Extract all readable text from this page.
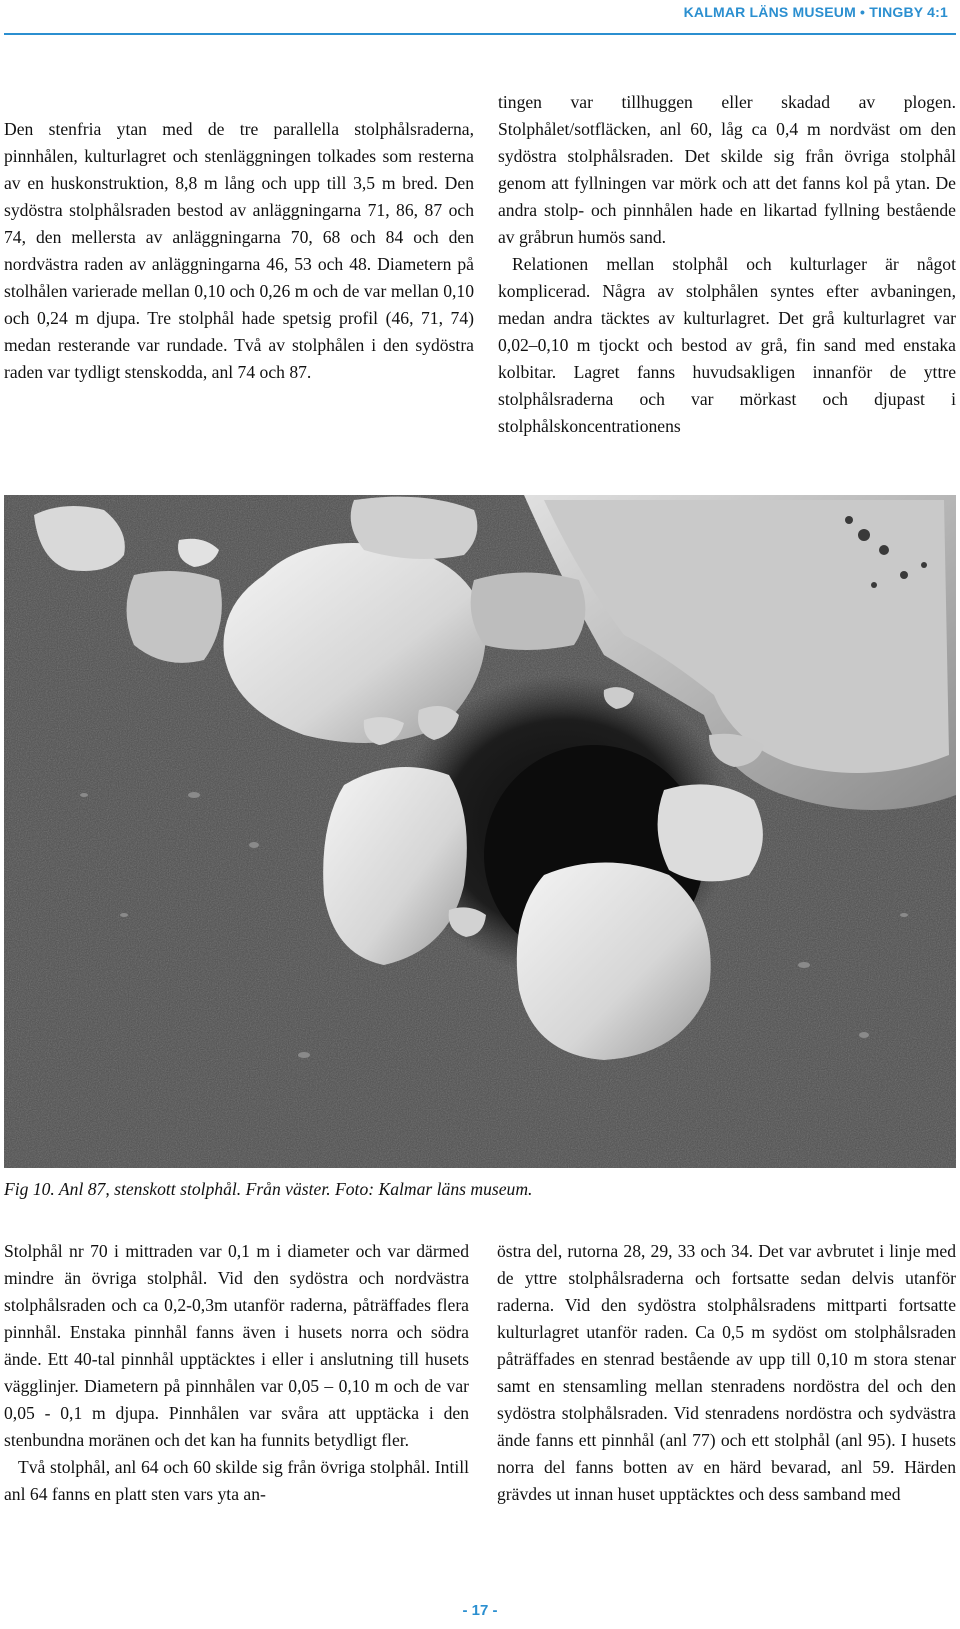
KALMAR LÄNS MUSEUM • TINGBY 4:1

Den stenfria ytan med de tre parallella stolphålsraderna, pinnhålen, kulturlagret och stenläggningen tolkades som resterna av en huskonstruktion, 8,8 m lång och upp till 3,5 m bred. Den sydöstra stolphålsraden bestod av anläggningarna 71, 86, 87 och 74, den mellersta av anläggningarna 70, 68 och 84 och den nordvästra raden av anläggningarna 46, 53 och 48. Diametern på stolhålen varierade mellan 0,10 och 0,26 m och de var mellan 0,10 och 0,24 m djupa. Tre stolphål hade spetsig profil (46, 71, 74) medan resterande var rundade. Två av stolphålen i den sydöstra raden var tydligt stenskodda, anl 74 och 87.

tingen var tillhuggen eller skadad av plogen. Stolphålet/sotfläcken, anl 60, låg ca 0,4 m nordväst om den sydöstra stolphålsraden. Det skilde sig från övriga stolphål genom att fyllningen var mörk och att det fanns kol på ytan. De andra stolp- och pinnhålen hade en likartad fyllning bestående av gråbrun humös sand.

Relationen mellan stolphål och kulturlager är något komplicerad. Några av stolphålen syntes efter avbaningen, medan andra täcktes av kulturlagret. Det grå kulturlagret var 0,02–0,10 m tjockt och bestod av grå, fin sand med enstaka kolbitar. Lagret fanns huvudsakligen innanför de yttre stolphålsraderna och var mörkast och djupast i stolphålskoncentrationens

Fig 10. Anl 87, stenskott stolphål. Från väster. Foto: Kalmar läns museum.

Stolphål nr 70 i mittraden var 0,1 m i diameter och var därmed mindre än övriga stolphål. Vid den sydöstra och nordvästra stolphålsraden och ca 0,2-0,3m utanför raderna, påträffades flera pinnhål. Enstaka pinnhål fanns även i husets norra och södra ände. Ett 40-tal pinnhål upptäcktes i eller i anslutning till husets vägglinjer. Diametern på pinnhålen var 0,05 – 0,10 m och de var 0,05 - 0,1 m djupa. Pinnhålen var svåra att upptäcka i den stenbundna moränen och det kan ha funnits betydligt fler.

Två stolphål, anl 64 och 60 skilde sig från övriga stolphål. Intill anl 64 fanns en platt sten vars yta an-

östra del, rutorna 28, 29, 33 och 34. Det var avbrutet i linje med de yttre stolphålsraderna och fortsatte sedan delvis utanför raderna. Vid den sydöstra stolphålsradens mittparti fortsatte kulturlagret utanför raden. Ca 0,5 m sydöst om stolphålsraden påträffades en stenrad bestående av upp till 0,10 m stora stenar samt en stensamling mellan stenradens nordöstra del och den sydöstra stolphålsraden. Vid stenradens nordöstra och sydvästra ände fanns ett pinnhål (anl 77) och ett stolphål (anl 95). I husets norra del fanns botten av en härd bevarad, anl 59. Härden grävdes ut innan huset upptäcktes och dess samband med

- 17 -
